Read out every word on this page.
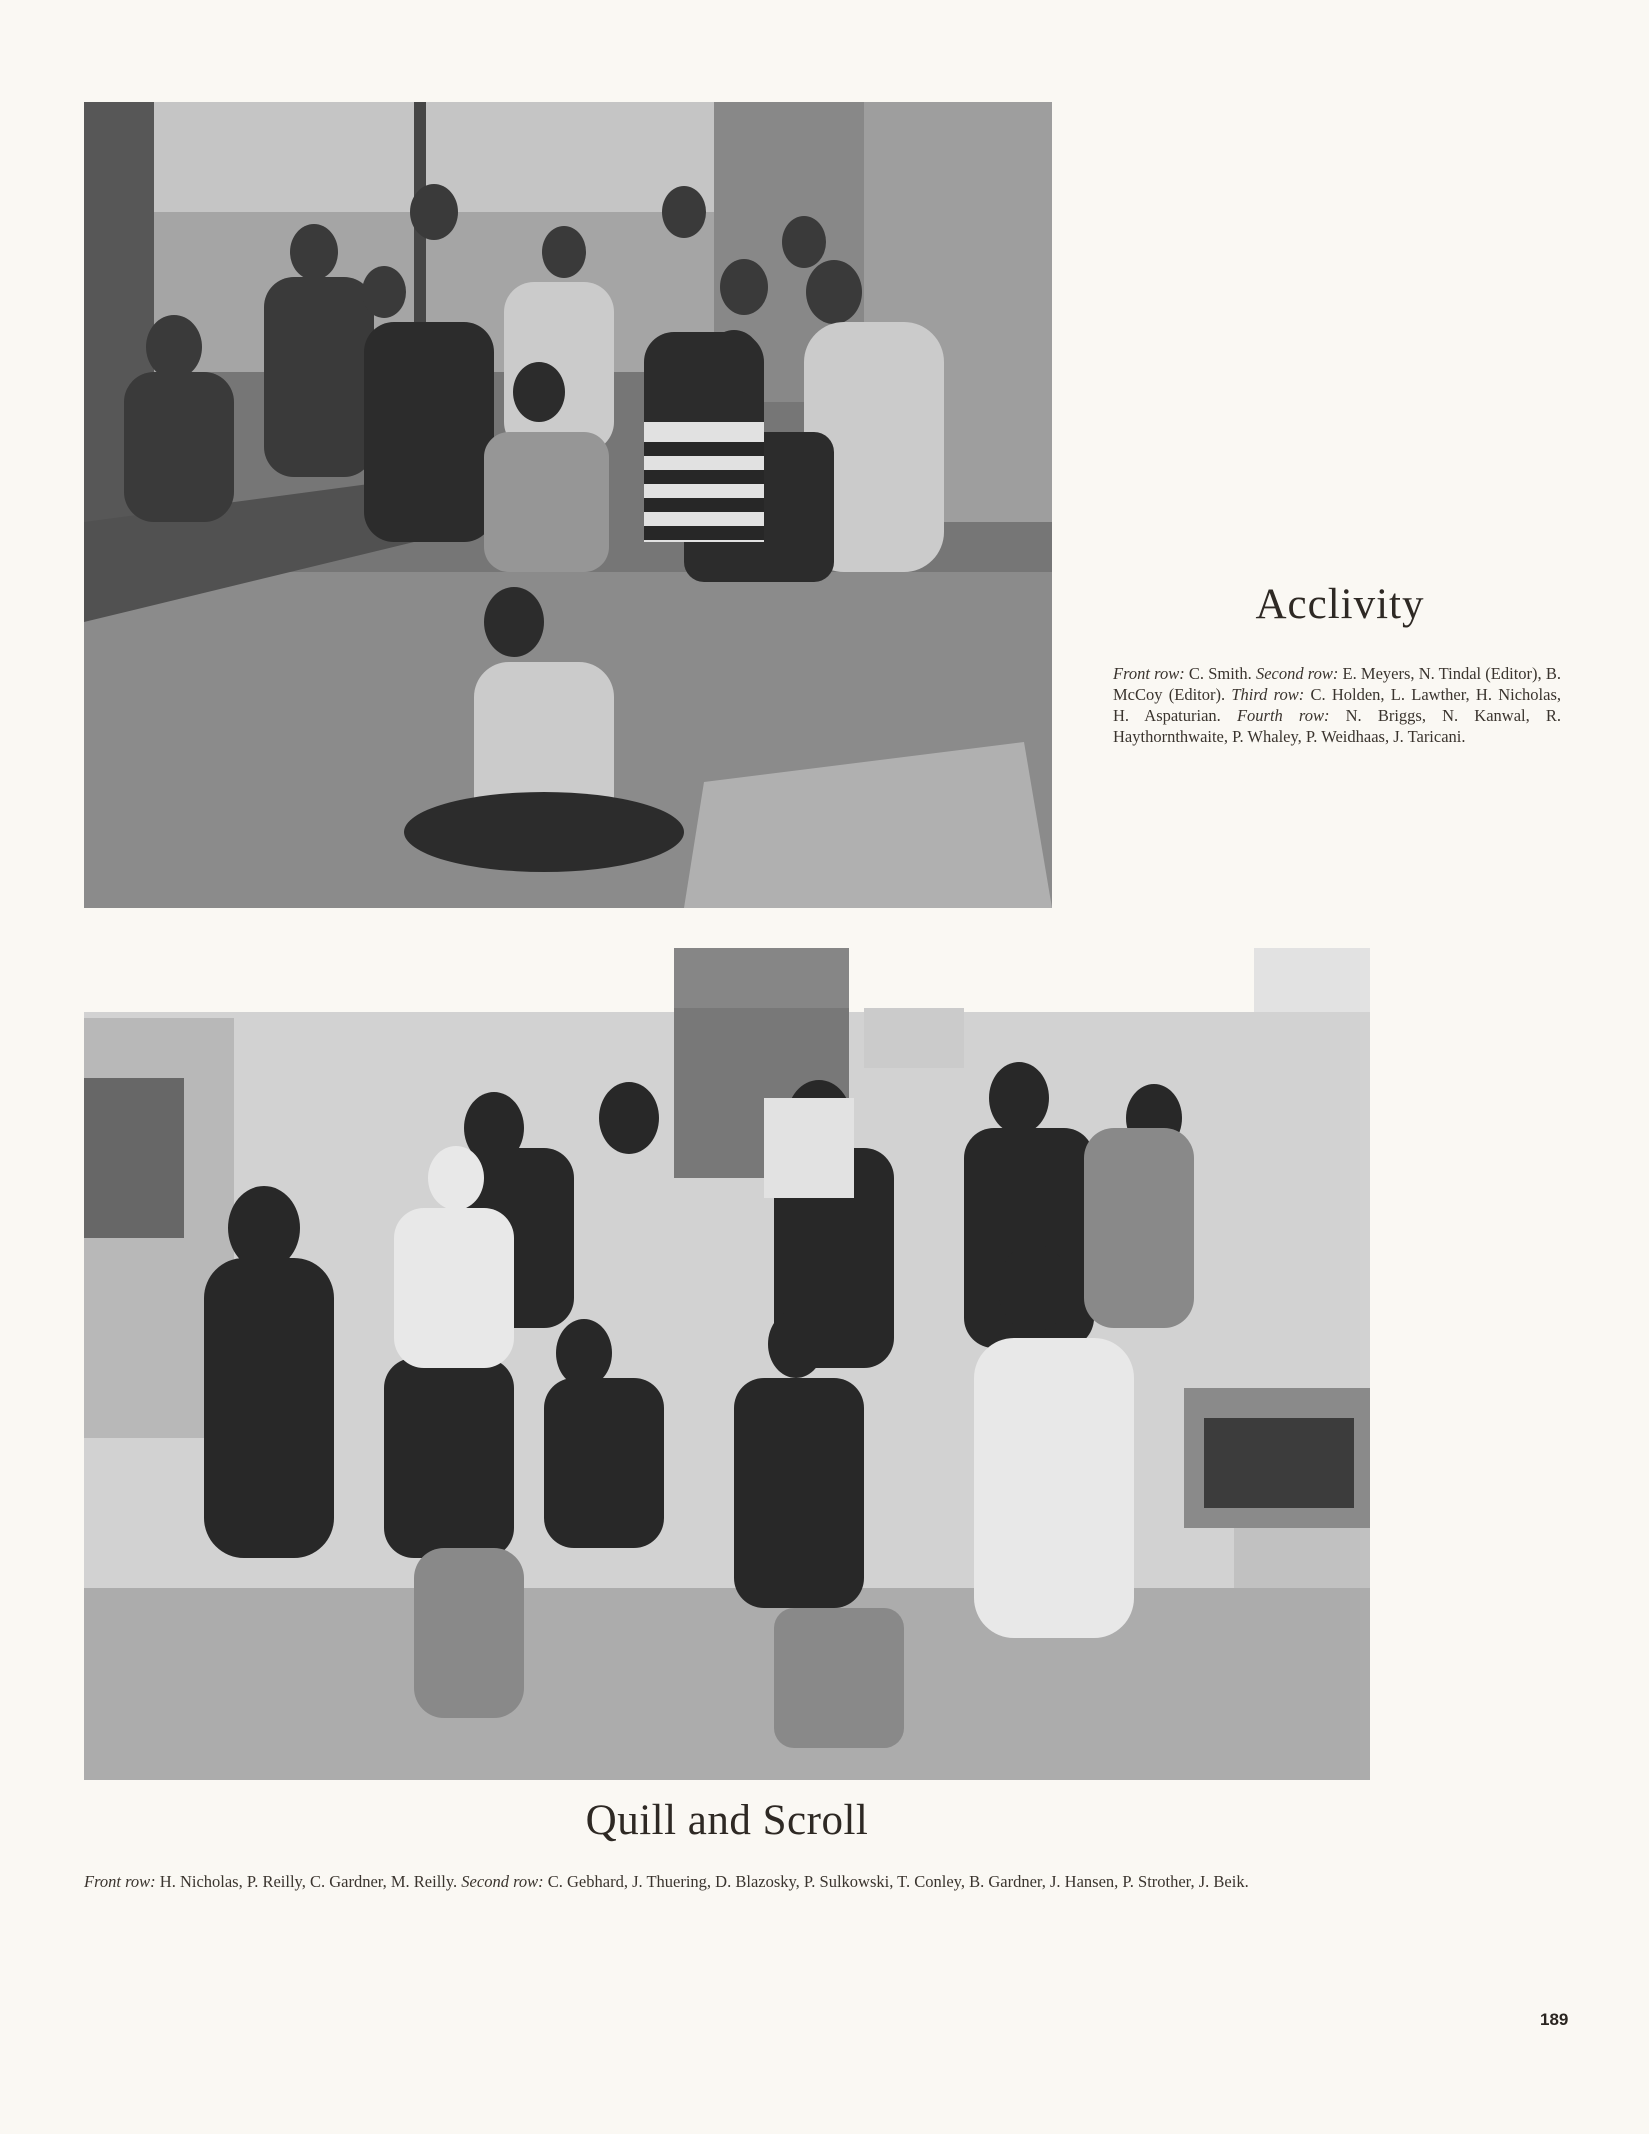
Acclivity
Front row: C. Smith. Second row: E. Meyers, N. Tindal (Editor), B. McCoy (Editor). Third row: C. Holden, L. Lawther, H. Nicholas, H. Aspaturian. Fourth row: N. Briggs, N. Kanwal, R. Haythornthwaite, P. Whaley, P. Weidhaas, J. Taricani.
Quill and Scroll
Front row: H. Nicholas, P. Reilly, C. Gardner, M. Reilly. Second row: C. Gebhard, J. Thuering, D. Blazosky, P. Sulkowski, T. Conley, B. Gardner, J. Hansen, P. Strother, J. Beik.
189
